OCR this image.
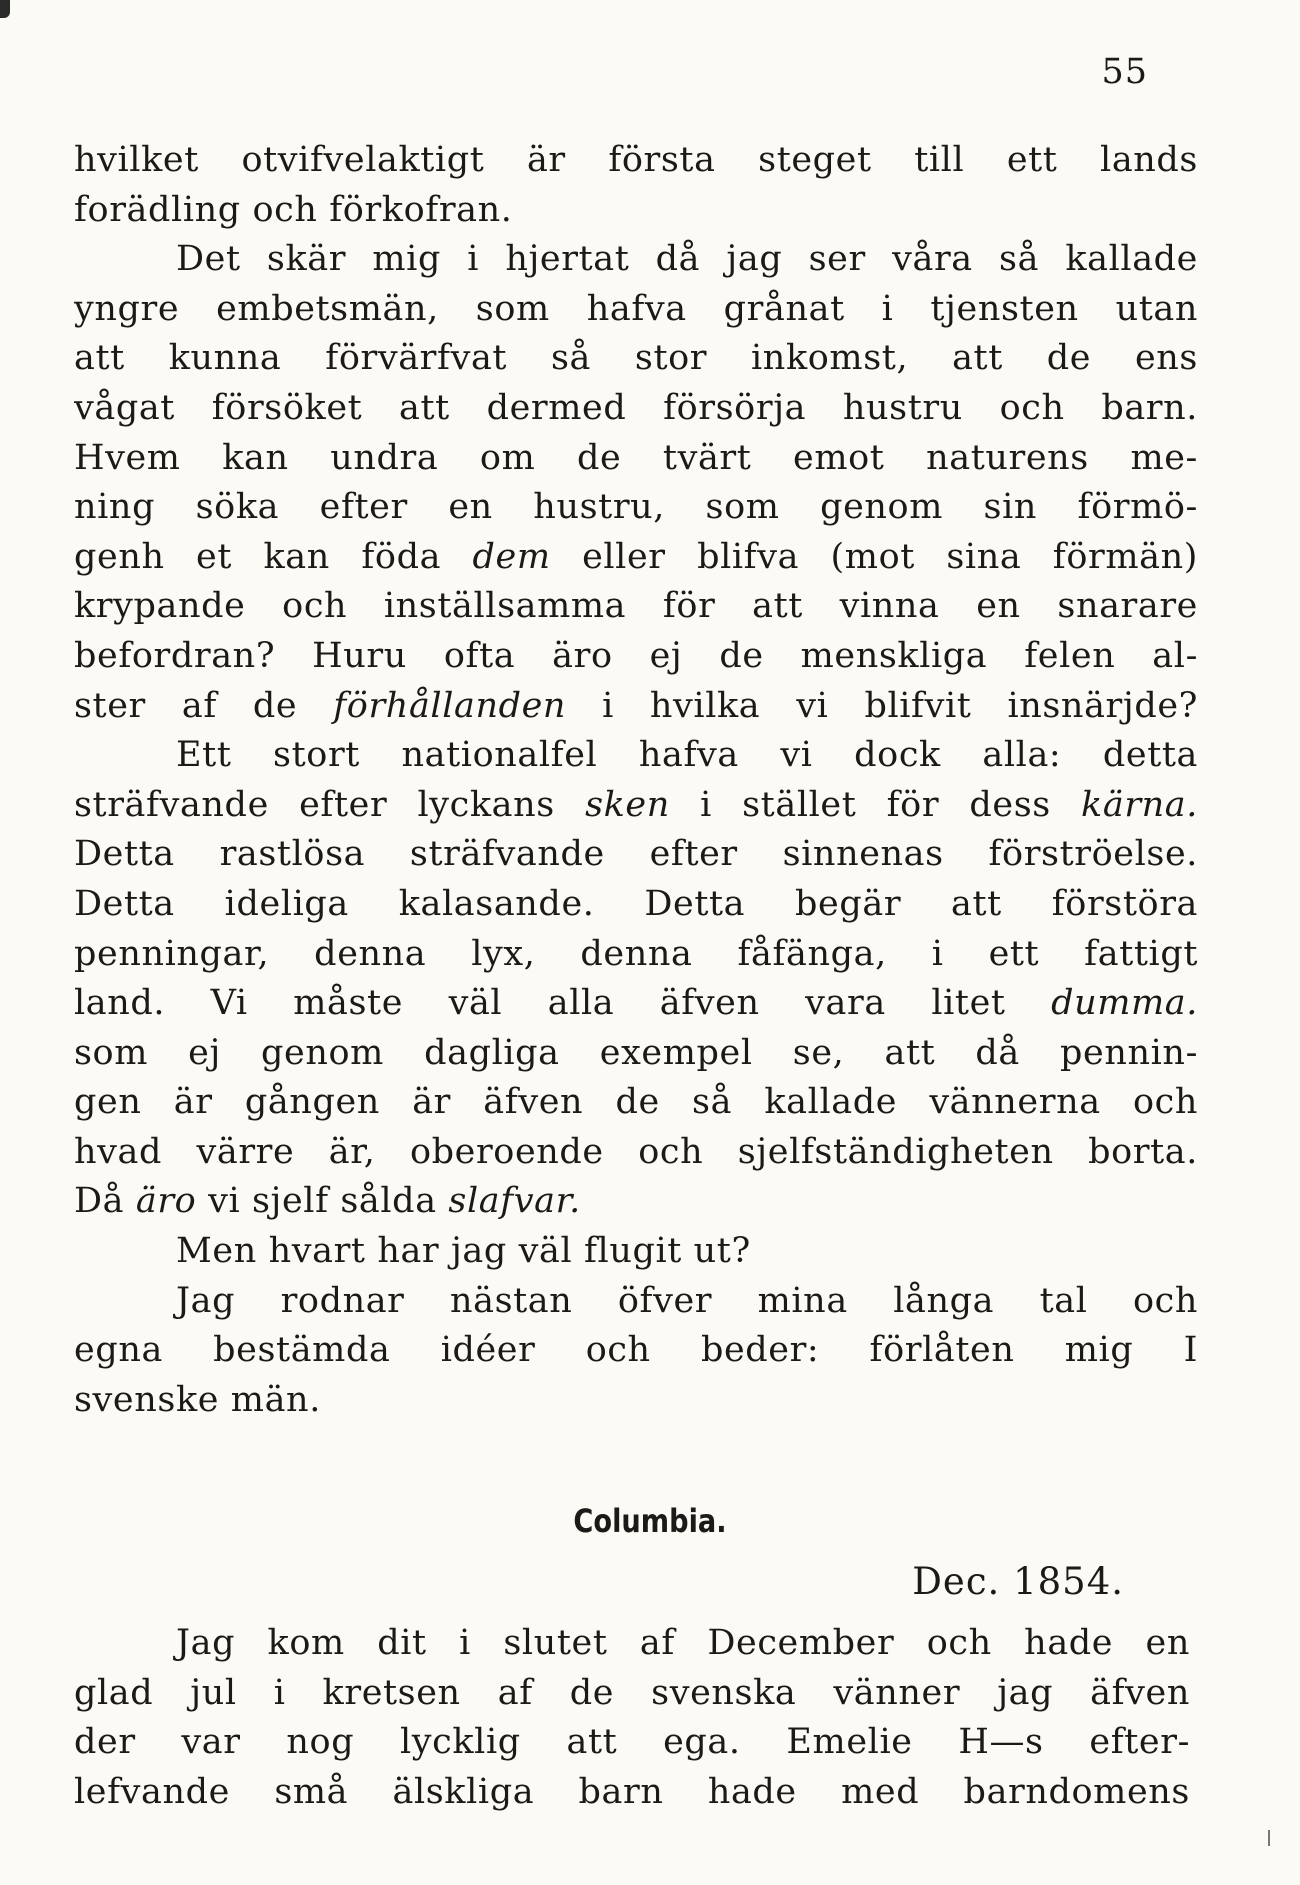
55

hvilket otvifvelaktigt är första steget till ett lands
forädling och förkofran.
Det skär mig i hjertat då jag ser våra så kallade
yngre embetsmän, som hafva grånat i tjensten utan
att kunna förvärfvat så stor inkomst, att de ens
vågat försöket att dermed försörja hustru och barn.
Hvem kan undra om de tvärt emot naturens me-
ning söka efter en hustru, som genom sin förmö-
genh et kan föda dem eller blifva (mot sina förmän)
krypande och inställsamma för att vinna en snarare
befordran? Huru ofta äro ej de menskliga felen al-
ster af de förhållanden i hvilka vi blifvit insnärjde?
Ett stort nationalfel hafva vi dock alla: detta
sträfvande efter lyckans sken i stället för dess kärna.
Detta rastlösa sträfvande efter sinnenas förströelse.
Detta ideliga kalasande. Detta begär att förstöra
penningar, denna lyx, denna fåfänga, i ett fattigt
land. Vi måste väl alla äfven vara litet dumma.
som ej genom dagliga exempel se, att då pennin-
gen är gången är äfven de så kallade vännerna och
hvad värre är, oberoende och sjelfständigheten borta.
Då äro vi sjelf sålda slafvar.
Men hvart har jag väl flugit ut?
Jag rodnar nästan öfver mina långa tal och
egna bestämda idéer och beder: förlåten mig I
svenske män.
Columbia.

Dec. 1854.

Jag kom dit i slutet af December och hade en
glad jul i kretsen af de svenska vänner jag äfven
der var nog lycklig att ega. Emelie H—s efter-
lefvande små älskliga barn hade med barndomens
